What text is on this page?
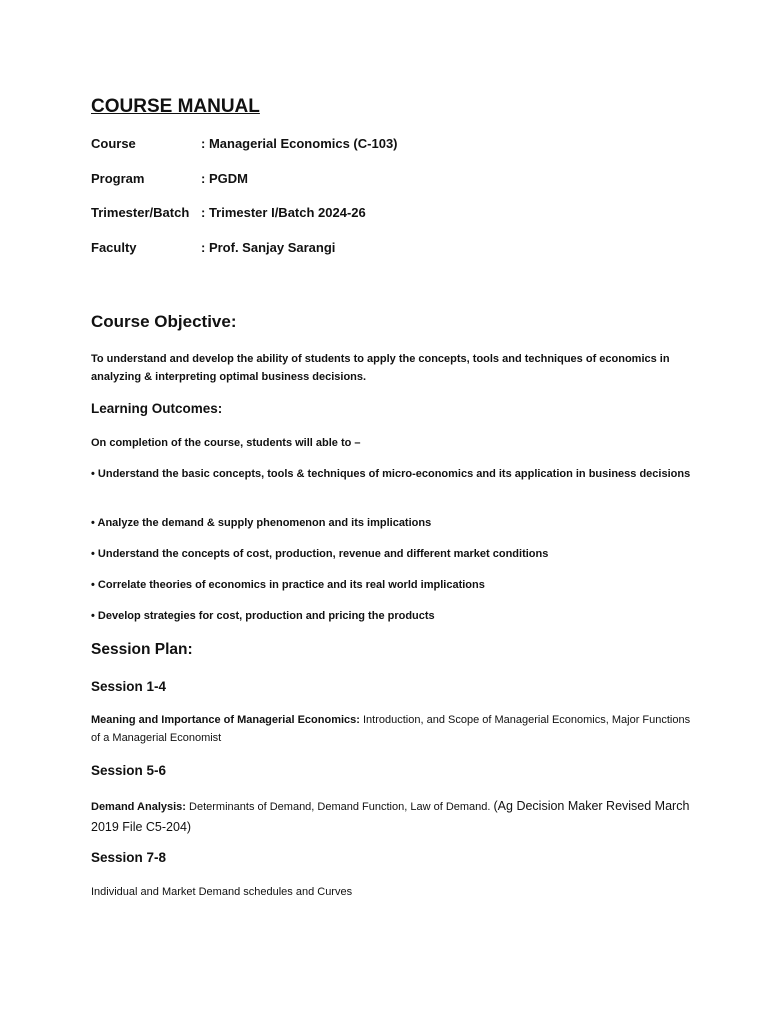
COURSE MANUAL
Course	: Managerial Economics (C-103)
Program	: PGDM
Trimester/Batch : Trimester I/Batch 2024-26
Faculty	: Prof. Sanjay Sarangi
Course Objective:
To understand and develop the ability of students to apply the concepts, tools and techniques of economics in analyzing & interpreting optimal business decisions.
Learning Outcomes:
On completion of the course, students will able to –
• Understand the basic concepts, tools & techniques of micro-economics and its application in business decisions
• Analyze the demand & supply phenomenon and its implications
• Understand the concepts of cost, production, revenue and different market conditions
• Correlate theories of economics in practice and its real world implications
• Develop strategies for cost, production and pricing the products
Session Plan:
Session 1-4
Meaning and Importance of Managerial Economics: Introduction, and Scope of Managerial Economics, Major Functions of a Managerial Economist
Session 5-6
Demand Analysis: Determinants of Demand, Demand Function, Law of Demand. (Ag Decision Maker Revised March 2019 File C5-204)
Session 7-8
Individual and Market Demand schedules and Curves
